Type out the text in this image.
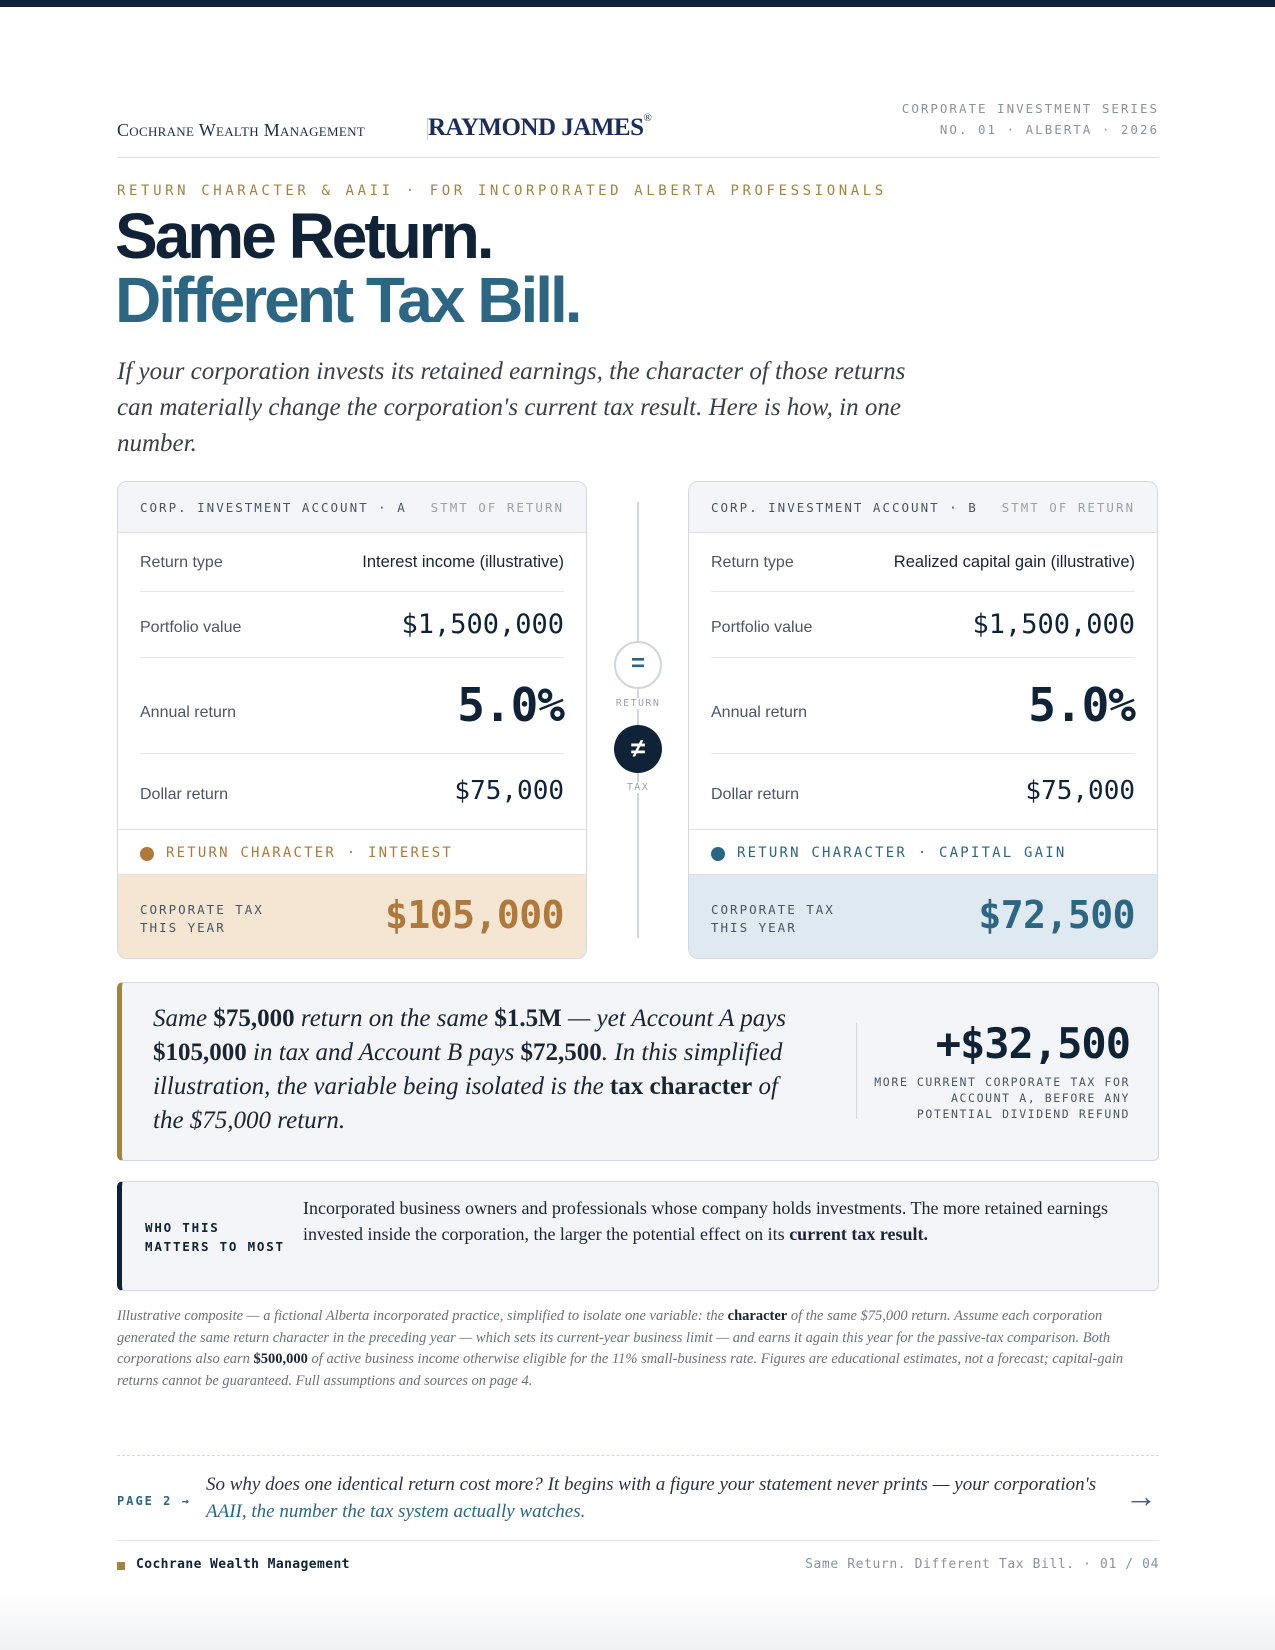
Cochrane Wealth Management	RAYMOND JAMES®
CORPORATE INVESTMENT SERIES
NO. 01 · ALBERTA · 2026
RETURN CHARACTER & AAII · FOR INCORPORATED ALBERTA PROFESSIONALS
Same Return.
Different Tax Bill.
If your corporation invests its retained earnings, the character of those returns can materially change the corporation's current tax result. Here is how, in one number.
CORP. INVESTMENT ACCOUNT · A STMT OF RETURN
Return type	Interest income (illustrative)
Portfolio value	$1,500,000
Annual return	5.0%
Dollar return	$75,000
RETURN CHARACTER · INTEREST
CORPORATE TAX
THIS YEAR	$105,000
=
RETURN
≠
TAX
CORP. INVESTMENT ACCOUNT · B STMT OF RETURN
Return type	Realized capital gain (illustrative)
Portfolio value	$1,500,000
Annual return	5.0%
Dollar return	$75,000
RETURN CHARACTER · CAPITAL GAIN
CORPORATE TAX
THIS YEAR	$72,500
Same $75,000 return on the same $1.5M — yet Account A pays $105,000 in tax and Account B pays $72,500. In this simplified illustration, the variable being isolated is the tax character of the $75,000 return.
+$32,500
MORE CURRENT CORPORATE TAX FOR ACCOUNT A, BEFORE ANY POTENTIAL DIVIDEND REFUND
WHO THIS
MATTERS TO MOST
Incorporated business owners and professionals whose company holds investments. The more retained earnings invested inside the corporation, the larger the potential effect on its current tax result.
Illustrative composite — a fictional Alberta incorporated practice, simplified to isolate one variable: the character of the same $75,000 return. Assume each corporation generated the same return character in the preceding year — which sets its current-year business limit — and earns it again this year for the passive-tax comparison. Both corporations also earn $500,000 of active business income otherwise eligible for the 11% small-business rate. Figures are educational estimates, not a forecast; capital-gain returns cannot be guaranteed. Full assumptions and sources on page 4.
PAGE 2 →
So why does one identical return cost more? It begins with a figure your statement never prints — your corporation's AAII, the number the tax system actually watches.	→
Cochrane Wealth Management	Same Return. Different Tax Bill. · 01 / 04
